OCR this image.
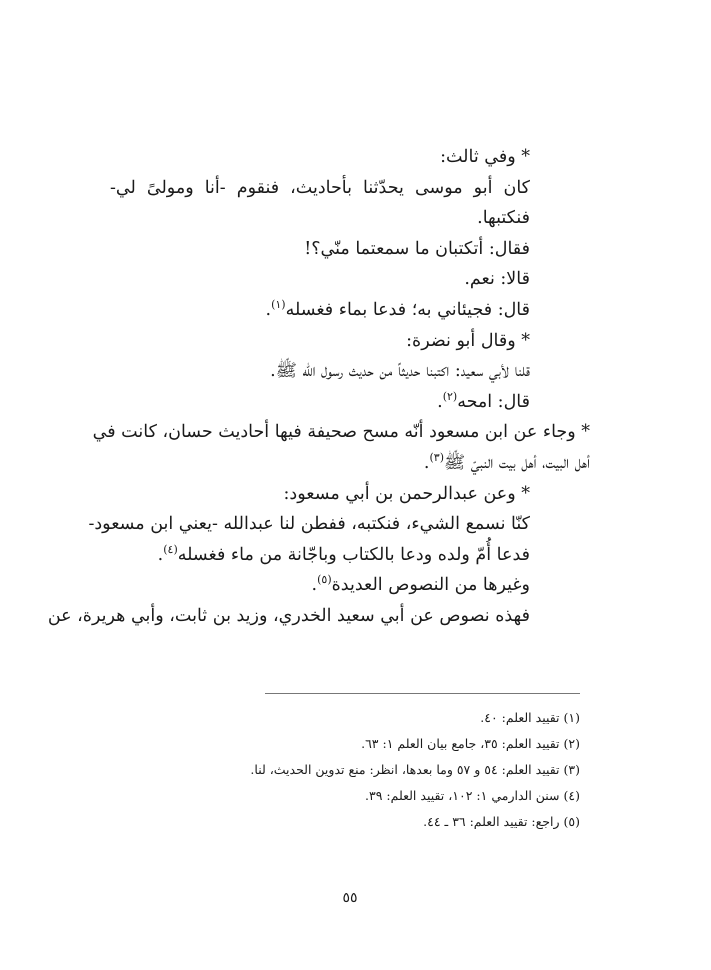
* وفي ثالث:
كان أبو موسى يحدّثنا بأحاديث، فنقوم -أنا ومولىً لي-
فنكتبها.
فقال: أتكتبان ما سمعتما منّي؟!
قالا: نعم.
قال: فجيئاني به؛ فدعا بماء فغسله$^{(١)}$.
* وقال أبو نضرة:
قلنا لأبي سعيد: اكتبنا حديثاً من حديث رسول الله ﷺ.
قال: امحه$^{(٢)}$.
* وجاء عن ابن مسعود أنّه مسح صحيفة فيها أحاديث حسان، كانت في
أهل البيت، أهل بيت النبيّ ﷺ$^{(٣)}$.
* وعن عبدالرحمن بن أبي مسعود:
كنّا نسمع الشيء، فنكتبه، ففطن لنا عبدالله -يعني ابن مسعود-
فدعا أُمّ ولده ودعا بالكتاب وباجّانة من ماء فغسله$^{(٤)}$.
وغيرها من النصوص العديدة$^{(٥)}$.
فهذه نصوص عن أبي سعيد الخدري، وزيد بن ثابت، وأبي هريرة، عن
(١) تقييد العلم: ٤٠.
(٢) تقييد العلم: ٣٥، جامع بيان العلم ١: ٦٣.
(٣) تقييد العلم: ٥٤ و ٥٧ وما بعدها، انظر: منع تدوين الحديث، لنا.
(٤) سنن الدارمي ١: ١٠٢، تقييد العلم: ٣٩.
(٥) راجع: تقييد العلم: ٣٦ ـ ٤٤.
٥٥
